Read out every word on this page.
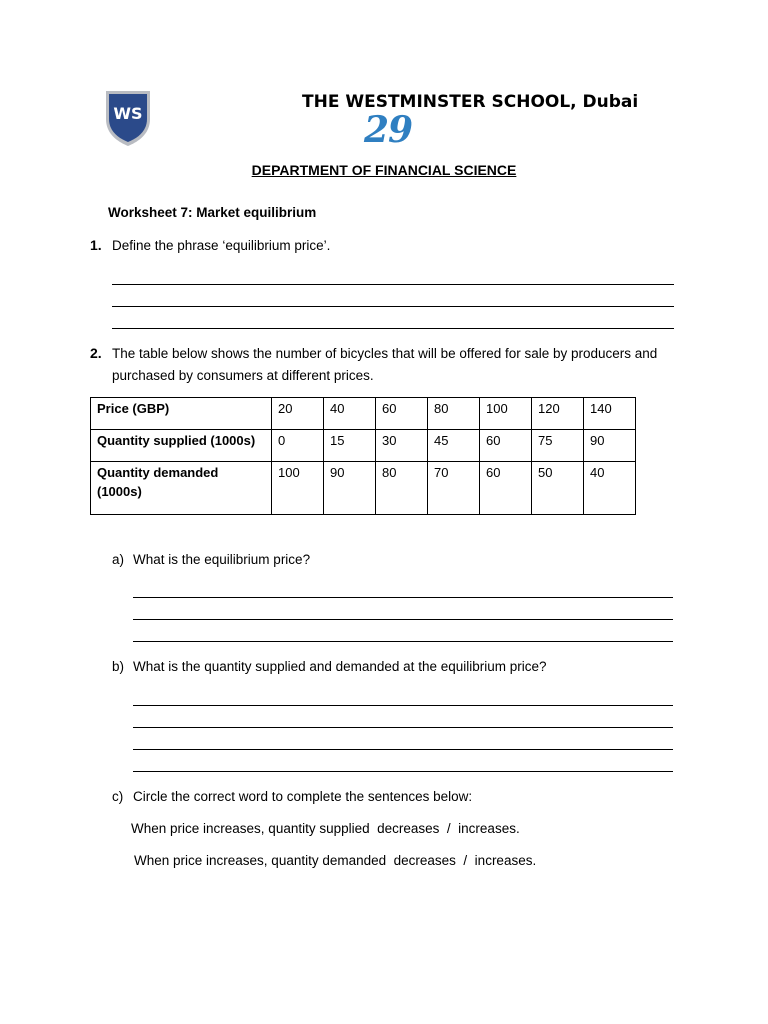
WS
THE WESTMINSTER SCHOOL, Dubai
29
DEPARTMENT OF FINANCIAL SCIENCE
Worksheet 7: Market equilibrium
1. Define the phrase ‘equilibrium price’.
2. The table below shows the number of bicycles that will be offered for sale by producers and
purchased by consumers at different prices.
Price (GBP)	20	40	60	80	100	120	140
Quantity supplied (1000s)	0	15	30	45	60	75	90

Quantity demanded
(1000s)	100	90	80	70	60	50	40
a) What is the equilibrium price?
b) What is the quantity supplied and demanded at the equilibrium price?
c) Circle the correct word to complete the sentences below:
When price increases, quantity supplied  decreases  /  increases.
When price increases, quantity demanded  decreases  /  increases.
